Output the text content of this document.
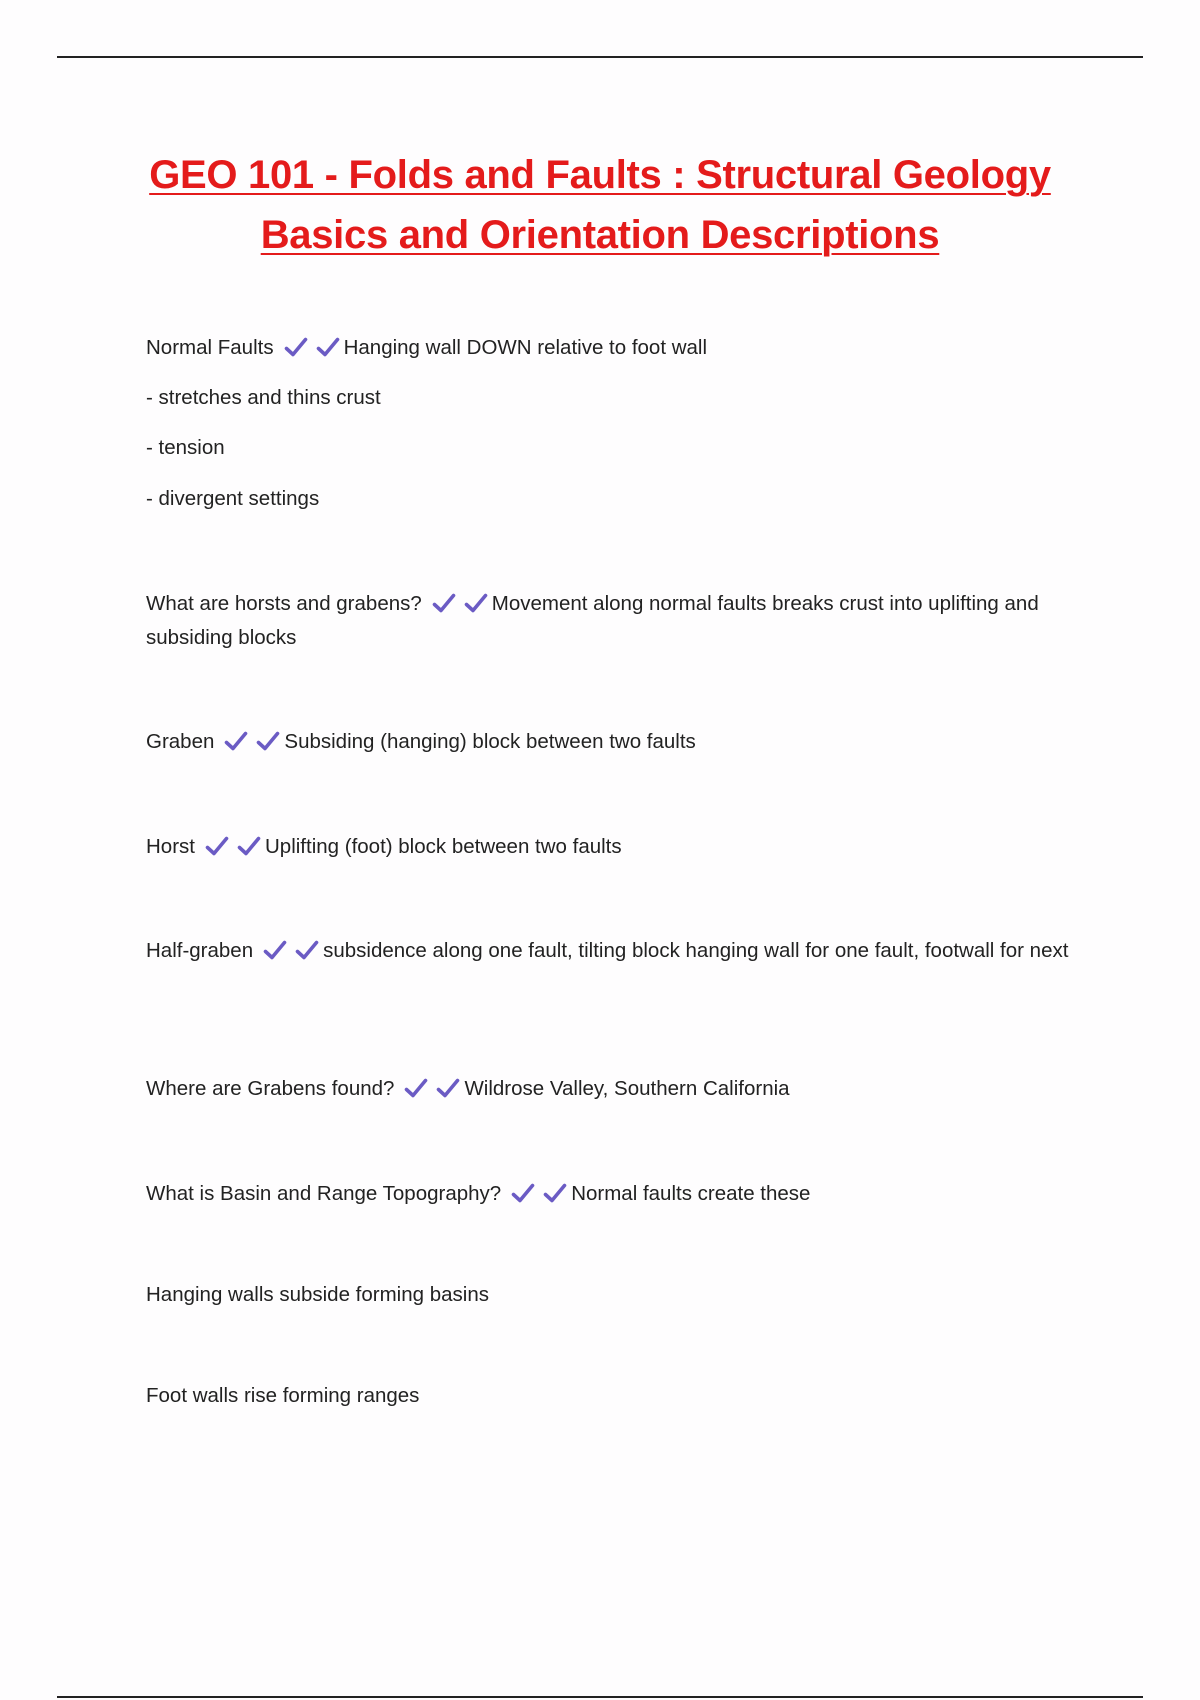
GEO 101 - Folds and Faults : Structural Geology
Basics and Orientation Descriptions
Normal Faults	Hanging wall DOWN relative to foot wall
- stretches and thins crust
- tension
- divergent settings
What are horsts and grabens?	Movement along normal faults breaks crust into uplifting and subsiding blocks
Graben	Subsiding (hanging) block between two faults
Horst	Uplifting (foot) block between two faults
Half-graben	subsidence along one fault, tilting block hanging wall for one fault, footwall for next
Where are Grabens found?	Wildrose Valley, Southern California
What is Basin and Range Topography?	Normal faults create these
Hanging walls subside forming basins
Foot walls rise forming ranges
